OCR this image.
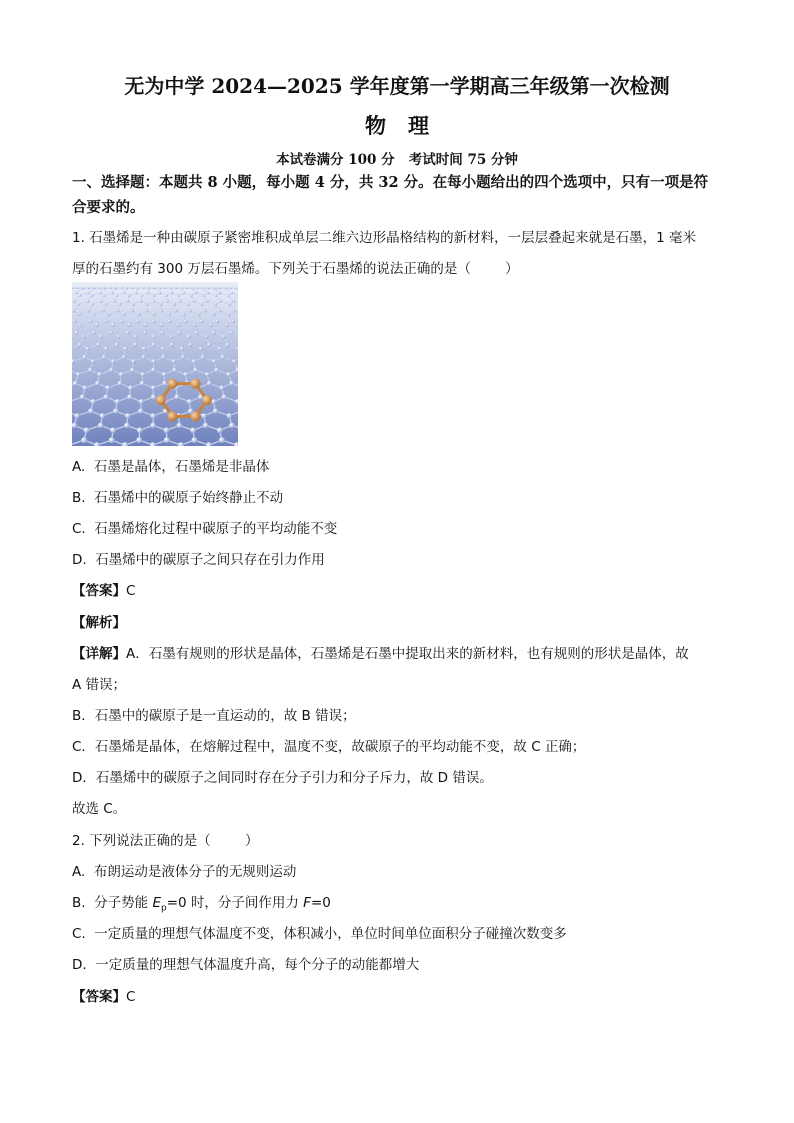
无为中学 2024—2025 学年度第一学期高三年级第一次检测
物 理
本试卷满分 100 分   考试时间 75 分钟
一、选择题：本题共 8 小题，每小题 4 分，共 32 分。在每小题给出的四个选项中，只有一项是符合要求的。
1. 石墨烯是一种由碳原子紧密堆积成单层二维六边形晶格结构的新材料，一层层叠起来就是石墨，1 毫米
厚的石墨约有 300 万层石墨烯。下列关于石墨烯的说法正确的是（        ）
A.  石墨是晶体，石墨烯是非晶体
B.  石墨烯中的碳原子始终静止不动
C.  石墨烯熔化过程中碳原子的平均动能不变
D.  石墨烯中的碳原子之间只存在引力作用
【答案】C
【解析】
【详解】A．石墨有规则的形状是晶体，石墨烯是石墨中提取出来的新材料，也有规则的形状是晶体，故
A 错误；
B．石墨中的碳原子是一直运动的，故 B 错误；
C．石墨烯是晶体，在熔解过程中，温度不变，故碳原子的平均动能不变，故 C 正确；
D．石墨烯中的碳原子之间同时存在分子引力和分子斥力，故 D 错误。
故选 C。
2. 下列说法正确的是（        ）
A.  布朗运动是液体分子的无规则运动
B.  分子势能 $E_p=0$ 时，分子间作用力 F=0
C.  一定质量的理想气体温度不变，体积减小，单位时间单位面积分子碰撞次数变多
D.  一定质量的理想气体温度升高，每个分子的动能都增大
【答案】C
